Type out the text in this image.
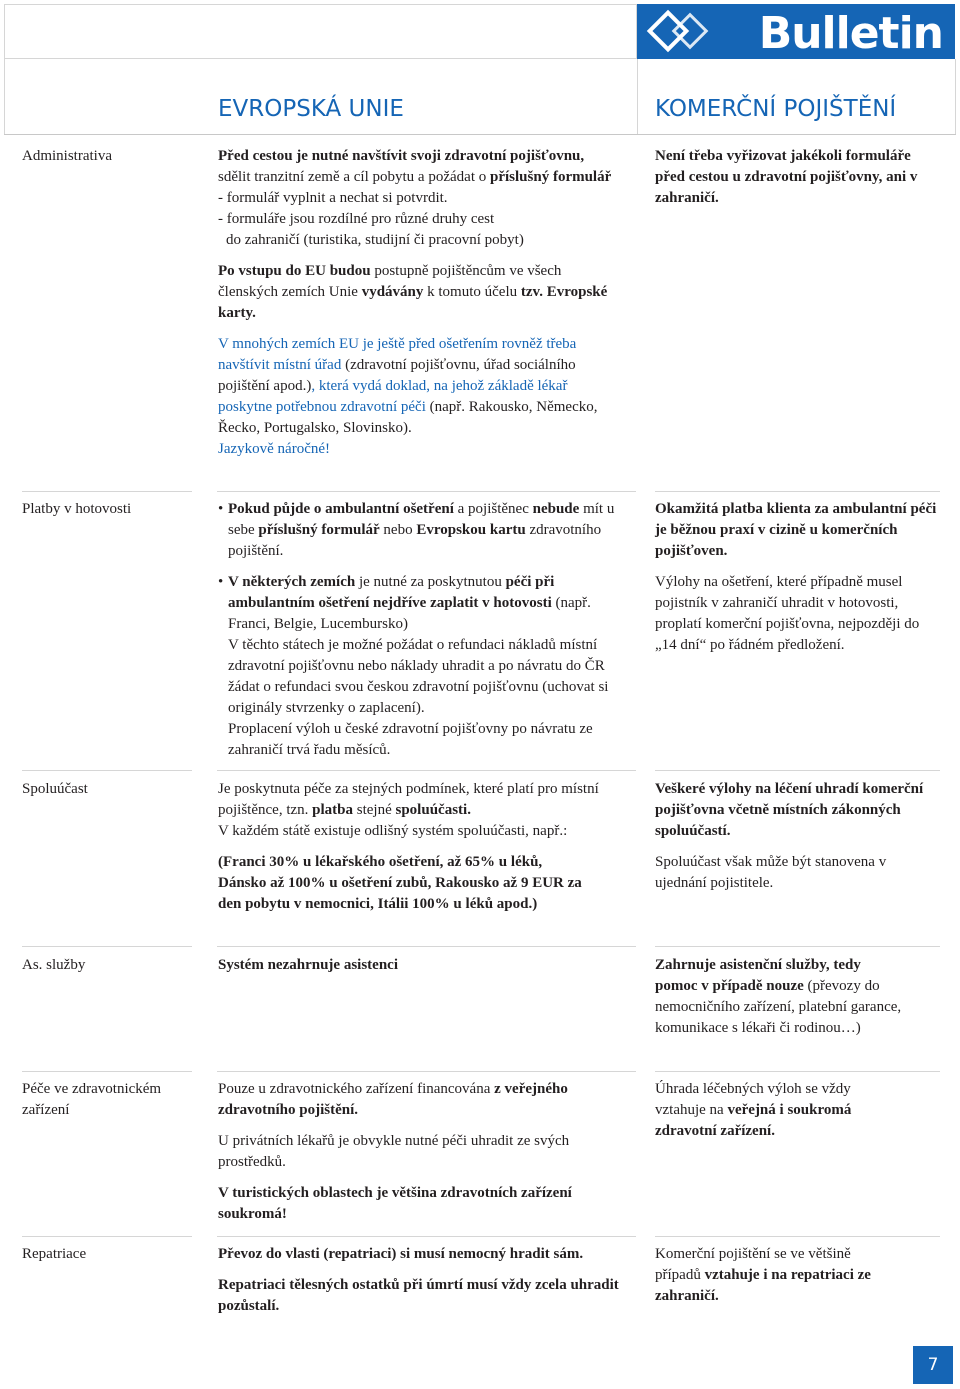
Bulletin
EVROPSKÁ UNIE	KOMERČNÍ POJIŠTĚNÍ
Administrativa	Před cestou je nutné navštívit svoji zdravotní pojišťovnu, sdělit tranzitní země a cíl pobytu a požádat o příslušný formulář - formulář vyplnit a nechat si potvrdit.
- formuláře jsou rozdílné pro různé druhy cest
do zahraničí (turistika, studijní či pracovní pobyt)

Po vstupu do EU budou postupně pojištěncům ve všech členských zemích Unie vydávány k tomuto účelu tzv. Evropské karty.

V mnohých zemích EU je ještě před ošetřením rovněž třeba navštívit místní úřad (zdravotní pojišťovnu, úřad sociálního pojištění apod.), která vydá doklad, na jehož základě lékař poskytne potřebnou zdravotní péči (např. Rakousko, Německo, Řecko, Portugalsko, Slovinsko).
Jazykově náročné!

Není třeba vyřizovat jakékoli formuláře před cestou u zdravotní pojišťovny, ani v zahraničí.

Platby v hotovosti

•	Pokud půjde o ambulantní ošetření a pojištěnec nebude mít u sebe příslušný formulář nebo Evropskou kartu zdravotního pojištění.

• V některých zemích je nutné za poskytnutou péči při ambulantním ošetření nejdříve zaplatit v hotovosti (např. Franci, Belgie, Lucembursko)
V těchto státech je možné požádat o refundaci nákladů místní zdravotní pojišťovnu nebo náklady uhradit a po návratu do ČR žádat o refundaci svou českou zdravotní pojišťovnu (uchovat si originály stvrzenky o zaplacení).
Proplacení výloh u české zdravotní pojišťovny po návratu ze zahraničí trvá řadu měsíců.

Okamžitá platba klienta za ambulantní péči je běžnou praxí v cizině u komerčních pojišťoven.

Výlohy na ošetření, které případně musel pojistník v zahraničí uhradit v hotovosti, proplatí komerční pojišťovna, nejpozději do „14 dní“ po řádném předložení.

Spoluúčast	Je poskytnuta péče za stejných podmínek, které platí pro místní pojištěnce, tzn. platba stejné spoluúčasti.
V každém státě existuje odlišný systém spoluúčasti, např.:

(Franci 30% u lékařského ošetření, až 65% u léků, Dánsko až 100% u ošetření zubů, Rakousko až 9 EUR za den pobytu v nemocnici, Itálii 100% u léků apod.)

Veškeré výlohy na léčení uhradí komerční pojišťovna včetně místních zákonných spoluúčastí.

Spoluúčast však může být stanovena v ujednání pojistitele.

As. služby	Systém nezahrnuje asistenci	Zahrnuje asistenční služby, tedy pomoc v případě nouze (převozy do nemocničního zařízení, platební garance, komunikace s lékaři či rodinou…)

Péče ve zdravotnickém zařízení

Pouze u zdravotnického zařízení financována z veřejného zdravotního pojištění.

U privátních lékařů je obvykle nutné péči uhradit ze svých prostředků.

V turistických oblastech je většina zdravotních zařízení soukromá!

Úhrada léčebných výloh se vždy vztahuje na veřejná i soukromá zdravotní zařízení.

Repatriace	Převoz do vlasti (repatriaci) si musí nemocný hradit sám.

Repatriaci tělesných ostatků při úmrtí musí vždy zcela uhradit pozůstalí.

Komerční pojištění se ve většině případů vztahuje i na repatriaci ze zahraničí.

7
